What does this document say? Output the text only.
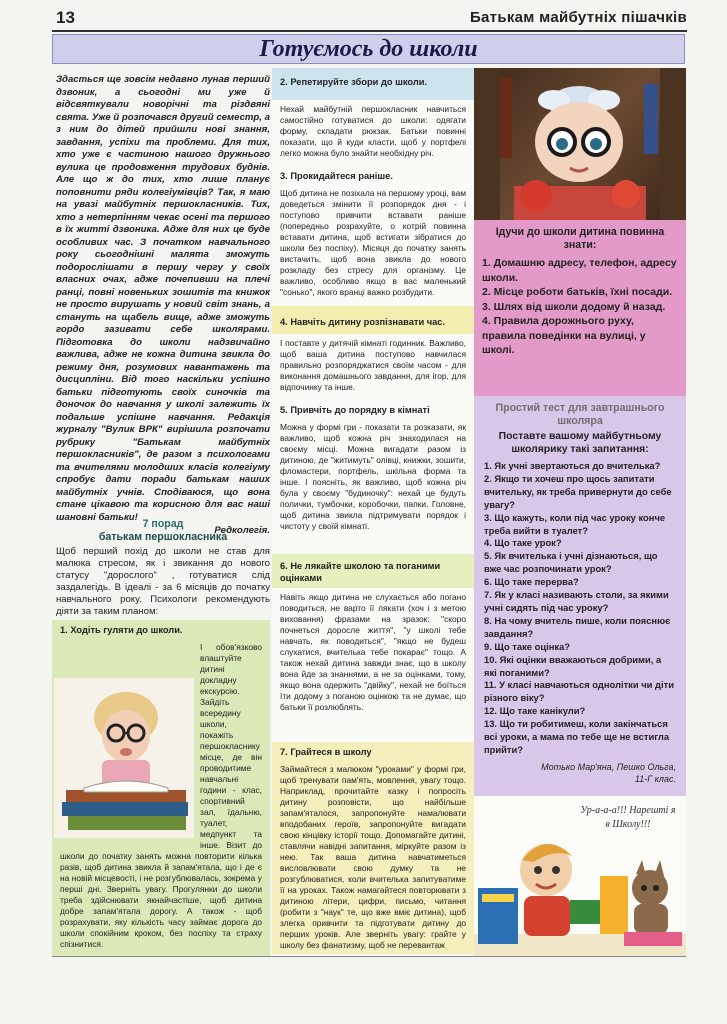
13	Батькам майбутніх пішачків
Готуємось до школи

Здасться ще зовсім недавно лунав перший дзвоник, а сьогодні ми уже й відсвяткували новорічні та різдвяні свята. Уже й розпочався другий семестр, а з ним до дітей прийшли нові знання, завдання, успіхи та проблеми. Для тих, хто уже є частиною нашого дружнього вулика це продовження трудових буднів. Але що ж до тих, хто лише планує поповнити ряди колегіумівців? Так, я маю на увазі майбутніх першокласників. Тих, хто з нетерпінням чекає осені та першого в їх житті дзвоника. Адже для них це буде особливих час. З початком навчального року сьогоднішні малята зможуть подорослішати в першу чергу у своїх власних очах, адже почепивши на плечі ранці, повні новеньких зошитів та книжок не просто вирушать у новий світ знань, а стануть на щабель вище, адже зможуть гордо зазивати себе школярами. Підготовка до школи надзвичайно важлива, адже не кожна дитина звикла до режиму дня, розумових навантажень та дисципліни. Від того наскільки успішно батьки підготують своїх синочків та доночок до навчання у школі залежить їх подальше успішне навчання. Редакція журналу "Вулик ВРК" вирішила розпочати рубрику "Батькам майбутніх першокласників", де разом з психологами та вчителями молодших класів колегіуму спробує дати поради батькам наших майбутніх учнів. Сподіваюся, що вона стане цікавою та корисною для вас наші шановні батьки!

Редколегія.

7 порад
батькам першокласника
Щоб перший похід до школи не став для малюка стресом, як і звикання до нового статусу "дорослого" , готуватися слід заздалегідь. В ідеалі - за 6 місяців до початку навчального року. Психологи рекомендують діяти за таким планом:
1. Ходіть гуляти до школи.

І обов'язково влаштуйте дитині докладну екскурсію. Зайдіть всередину школи, покажіть першокласнику місце, де він проводитиме навчальні години - клас, спортивний зал, їдальню, туалет, медпункт та інше. Візит до школи до початку занять можна повторити кілька разів, щоб дитина звикла й запам'ятала, що і де є на новій місцевості, і не розгублювалась, зокрема у перші дні. Зверніть увагу. Прогулянки до школи треба здійснювати якнайчастіше, щоб дитина добре запам'ятала дорогу. А також - щоб розрахувати, яку кількість часу займає дорога до школи спокійним кроком, без поспіху та страху спізнитися.

2. Репетируйте збори до школи.

Нехай майбутній першокласник навчиться самостійно готуватися до школи: одягати форму, складати рюкзак. Батьки повинні показати, що й куди класти, щоб у портфелі легко можна було знайти необхідну річ.

3. Прокидайтеся раніше.

Щоб дитина не позіхала на першому уроці, вам доведеться змінити її розпорядок дня - і поступово привчити вставати раніше (попередньо розрахуйте, о котрій повинна вставати дитина, щоб встигати зібратися до школи без поспіху). Місяця до початку занять вистачить, щоб вона звикла до нового розкладу без стресу для організму. Це важливо, особливо якщо в вас маленький "сонько", якого вранці важко розбудити.

4. Навчіть дитину розпізнавати час.

І поставте у дитячій кімнаті годинник. Важливо, щоб ваша дитина поступово навчилася правильно розпоряджатися своїм часом - для виконання домашнього завдання, для ігор, для відпочинку та інше.

5. Привчіть до порядку в кімнаті

Можна у формі гри - показати та розказати, як важливо, щоб кожна річ знаходилася на своєму місці. Можна вигадати разом із дитиною, де "житимуть" олівці, книжки, зошити, фломастери, портфель, шкільна форма та інше. І поясніть, як важливо, щоб кожна річ була у своєму "будиночку": нехай це будуть полички, тумбочки, коробочки, папки. Головне, щоб дитина звикла підтримувати порядок і чистоту у своїй кімнаті.

6. Не лякайте школою та поганими оцінками

Навіть якщо дитина не слухається або погано поводиться, не варто її лякати (хоч і з метою виховання) фразами на зразок: "скоро почнеться доросле життя", "у школі тебе навчать, як поводиться", "якщо не будеш слухатися, вчителька тебе покарає" тощо. А також нехай дитина завжди знає, що в школу вона йде за знаннями, а не за оцінками, тому, якщо вона одержить "двійку", нехай не боїться їти додому з поганою оцінкою та не думає, що батьки її розлюблять.

7. Грайтеся в школу

Займайтеся з малюком "уроками" у формі гри, щоб тренувати пам'ять, мовлення, увагу тощо. Наприклад, прочитайте казку і попросіть дитину розповісти, що найбільше запам'яталося, запропонуйте намалювати вподобаних героїв, запропонуйте вигадати свою кінцівку історії тощо. Допомагайте дитині, ставлячи навідні запитання, міркуйте разом із нею. Так ваша дитина навчатиметься висловлювати свою думку та не розгублюватися, коли вчителька запитуватиме її на уроках. Також намагайтеся повторювати з дитиною літери, цифри, письмо, читання (робити з "наук" те, що вже вміє дитина), щоб злегка привчити та підготувати дитину до перших уроків. Але зверніть увагу: грайте у школу без фанатизму, щоб не перевантаж

Ідучи до школи дитина повинна знати:
1. Домашню адресу, телефон, адресу школи.
2. Місце роботи батьків, їхні посади.
3. Шлях від школи додому й назад.
4. Правила дорожнього руху, правила поведінки на вулиці, у школі.
Простий тест для завтрашнього школяра
Поставте вашому майбутньому школярику такі запитання:
1. Як учні звертаються до вчителька?
2. Якщо ти хочеш про щось запитати вчительку, як треба привернути до себе увагу?
3. Що кажуть, коли під час уроку конче треба вийти в туалет?
4. Що таке урок?
5. Як вчителька і учні дізнаються, що вже час розпочинати урок?
6. Що таке перерва?
7. Як у класі називають столи, за якими учні сидять під час уроку?
8. На чому вчитель пише, коли пояснює завдання?
9. Що таке оцінка?
10. Які оцінки вважаються добрими, а які поганими?
11. У класі навчаються однолітки чи діти різного віку?
12. Що таке канікули?
13. Що ти робитимеш, коли закінчаться всі уроки, а мама по тебе ще не встигла прийти?
Мотько Мар'яна, Пешко Ольга,
11-Г клас.
Ур-а-а-а!!! Нарешті я в Школу!!!
